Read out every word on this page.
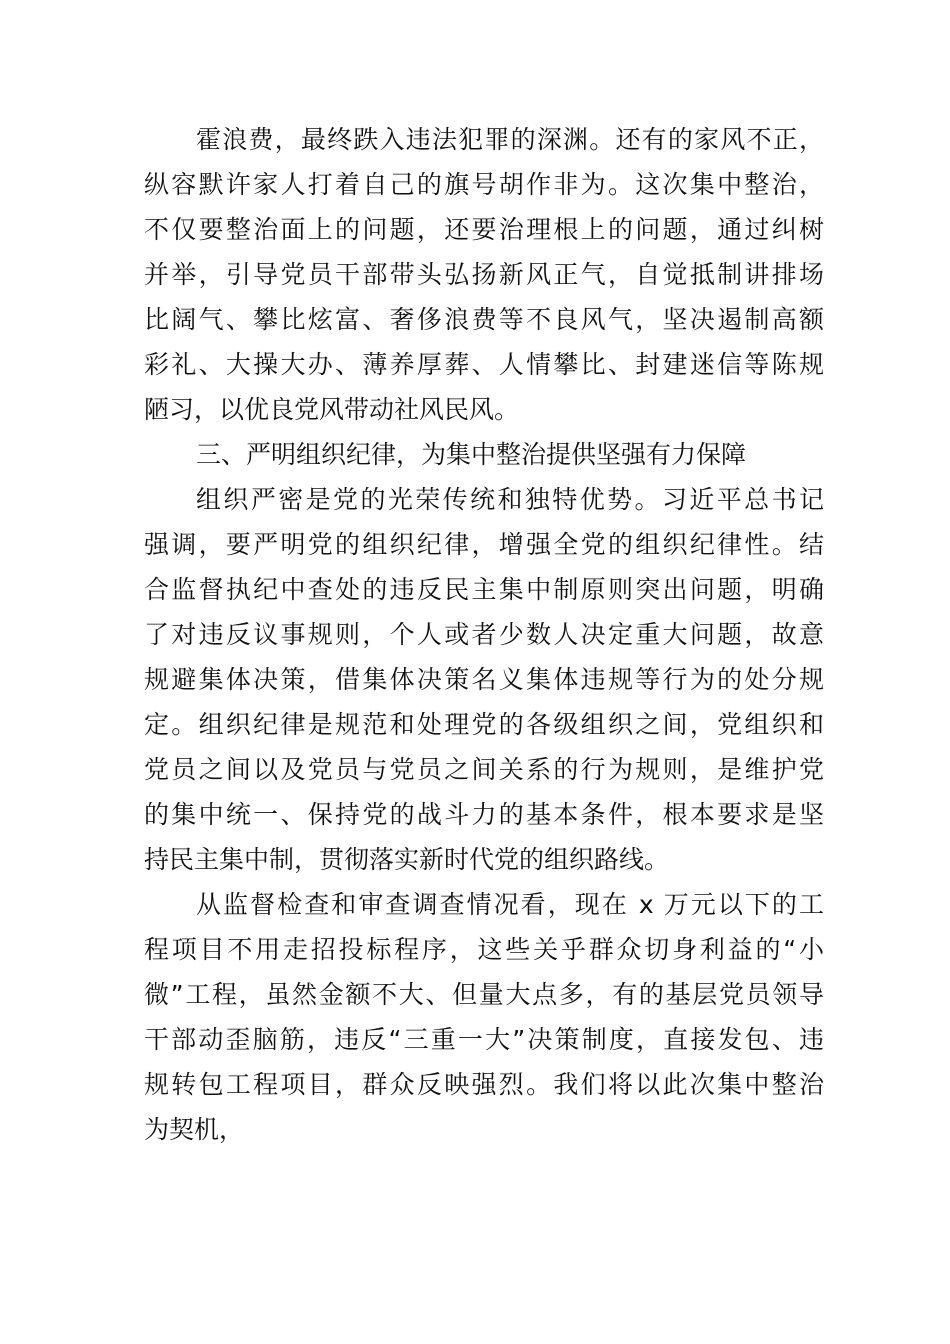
霍浪费，最终跌入违法犯罪的深渊。还有的家风不正，
纵容默许家人打着自己的旗号胡作非为。这次集中整治，
不仅要整治面上的问题，还要治理根上的问题，通过纠树
并举，引导党员干部带头弘扬新风正气，自觉抵制讲排场
比阔气、攀比炫富、奢侈浪费等不良风气，坚决遏制高额
彩礼、大操大办、薄养厚葬、人情攀比、封建迷信等陈规
陋习，以优良党风带动社风民风。
三、严明组织纪律，为集中整治提供坚强有力保障
组织严密是党的光荣传统和独特优势。习近平总书记
强调，要严明党的组织纪律，增强全党的组织纪律性。结
合监督执纪中查处的违反民主集中制原则突出问题，明确
了对违反议事规则，个人或者少数人决定重大问题，故意
规避集体决策，借集体决策名义集体违规等行为的处分规
定。组织纪律是规范和处理党的各级组织之间，党组织和
党员之间以及党员与党员之间关系的行为规则，是维护党
的集中统一、保持党的战斗力的基本条件，根本要求是坚
持民主集中制，贯彻落实新时代党的组织路线。
从监督检查和审查调查情况看，现在 x 万元以下的工
程项目不用走招投标程序，这些关乎群众切身利益的“小
微”工程，虽然金额不大、但量大点多，有的基层党员领导
干部动歪脑筋，违反“三重一大”决策制度，直接发包、违
规转包工程项目，群众反映强烈。我们将以此次集中整治
为契机，
